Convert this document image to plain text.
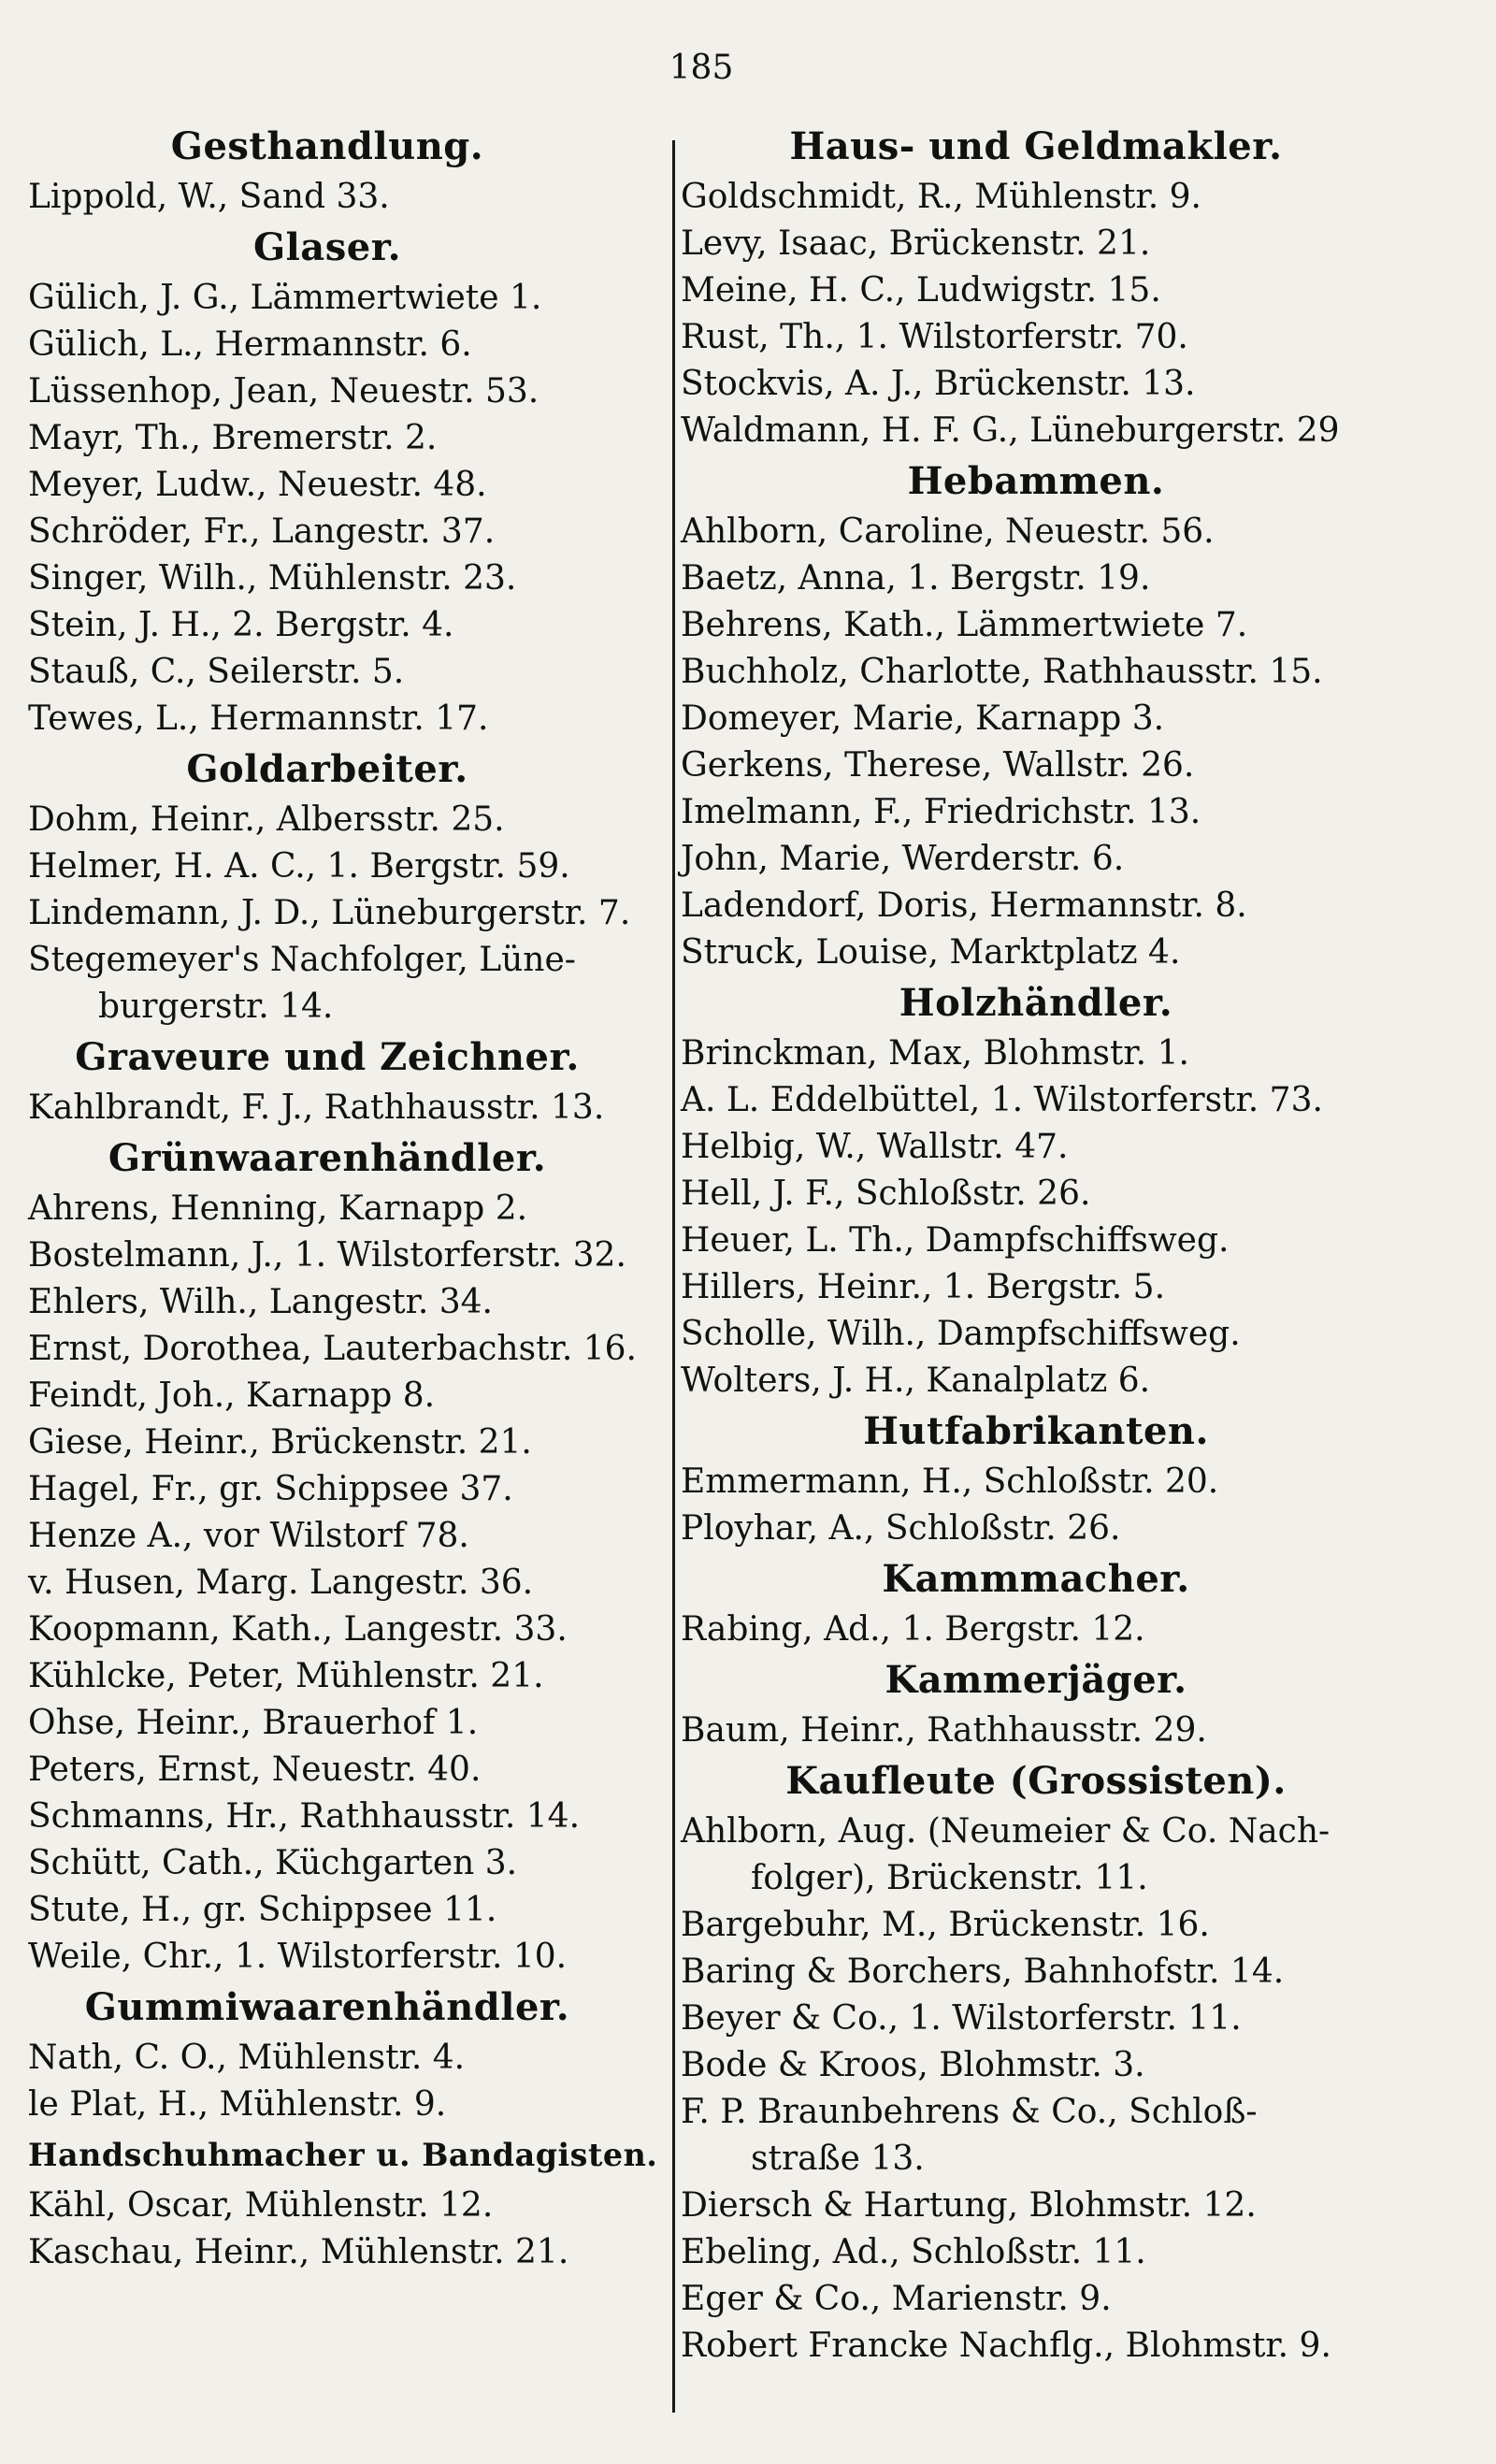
185
Gesthandlung.
Lippold, W., Sand 33.
Glaser.
Gülich, J. G., Lämmertwiete 1.
Gülich, L., Hermannstr. 6.
Lüssenhop, Jean, Neuestr. 53.
Mayr, Th., Bremerstr. 2.
Meyer, Ludw., Neuestr. 48.
Schröder, Fr., Langestr. 37.
Singer, Wilh., Mühlenstr. 23.
Stein, J. H., 2. Bergstr. 4.
Stauß, C., Seilerstr. 5.
Tewes, L., Hermannstr. 17.
Goldarbeiter.
Dohm, Heinr., Albersstr. 25.
Helmer, H. A. C., 1. Bergstr. 59.
Lindemann, J. D., Lüneburgerstr. 7.
Stegemeyer's Nachfolger, Lüne-
burgerstr. 14.
Graveure und Zeichner.
Kahlbrandt, F. J., Rathhausstr. 13.
Grünwaarenhändler.
Ahrens, Henning, Karnapp 2.
Bostelmann, J., 1. Wilstorferstr. 32.
Ehlers, Wilh., Langestr. 34.
Ernst, Dorothea, Lauterbachstr. 16.
Feindt, Joh., Karnapp 8.
Giese, Heinr., Brückenstr. 21.
Hagel, Fr., gr. Schippsee 37.
Henze A., vor Wilstorf 78.
v. Husen, Marg. Langestr. 36.
Koopmann, Kath., Langestr. 33.
Kühlcke, Peter, Mühlenstr. 21.
Ohse, Heinr., Brauerhof 1.
Peters, Ernst, Neuestr. 40.
Schmanns, Hr., Rathhausstr. 14.
Schütt, Cath., Küchgarten 3.
Stute, H., gr. Schippsee 11.
Weile, Chr., 1. Wilstorferstr. 10.
Gummiwaarenhändler.
Nath, C. O., Mühlenstr. 4.
le Plat, H., Mühlenstr. 9.
Handschuhmacher u. Bandagisten.
Kähl, Oscar, Mühlenstr. 12.
Kaschau, Heinr., Mühlenstr. 21.
Haus- und Geldmakler.
Goldschmidt, R., Mühlenstr. 9.
Levy, Isaac, Brückenstr. 21.
Meine, H. C., Ludwigstr. 15.
Rust, Th., 1. Wilstorferstr. 70.
Stockvis, A. J., Brückenstr. 13.
Waldmann, H. F. G., Lüneburgerstr. 29
Hebammen.
Ahlborn, Caroline, Neuestr. 56.
Baetz, Anna, 1. Bergstr. 19.
Behrens, Kath., Lämmertwiete 7.
Buchholz, Charlotte, Rathhausstr. 15.
Domeyer, Marie, Karnapp 3.
Gerkens, Therese, Wallstr. 26.
Imelmann, F., Friedrichstr. 13.
John, Marie, Werderstr. 6.
Ladendorf, Doris, Hermannstr. 8.
Struck, Louise, Marktplatz 4.
Holzhändler.
Brinckman, Max, Blohmstr. 1.
A. L. Eddelbüttel, 1. Wilstorferstr. 73.
Helbig, W., Wallstr. 47.
Hell, J. F., Schloßstr. 26.
Heuer, L. Th., Dampfschiffsweg.
Hillers, Heinr., 1. Bergstr. 5.
Scholle, Wilh., Dampfschiffsweg.
Wolters, J. H., Kanalplatz 6.
Hutfabrikanten.
Emmermann, H., Schloßstr. 20.
Ployhar, A., Schloßstr. 26.
Kammmacher.
Rabing, Ad., 1. Bergstr. 12.
Kammerjäger.
Baum, Heinr., Rathhausstr. 29.
Kaufleute (Grossisten).
Ahlborn, Aug. (Neumeier & Co. Nach-
folger), Brückenstr. 11.
Bargebuhr, M., Brückenstr. 16.
Baring & Borchers, Bahnhofstr. 14.
Beyer & Co., 1. Wilstorferstr. 11.
Bode & Kroos, Blohmstr. 3.
F. P. Braunbehrens & Co., Schloß-
straße 13.
Diersch & Hartung, Blohmstr. 12.
Ebeling, Ad., Schloßstr. 11.
Eger & Co., Marienstr. 9.
Robert Francke Nachflg., Blohmstr. 9.
